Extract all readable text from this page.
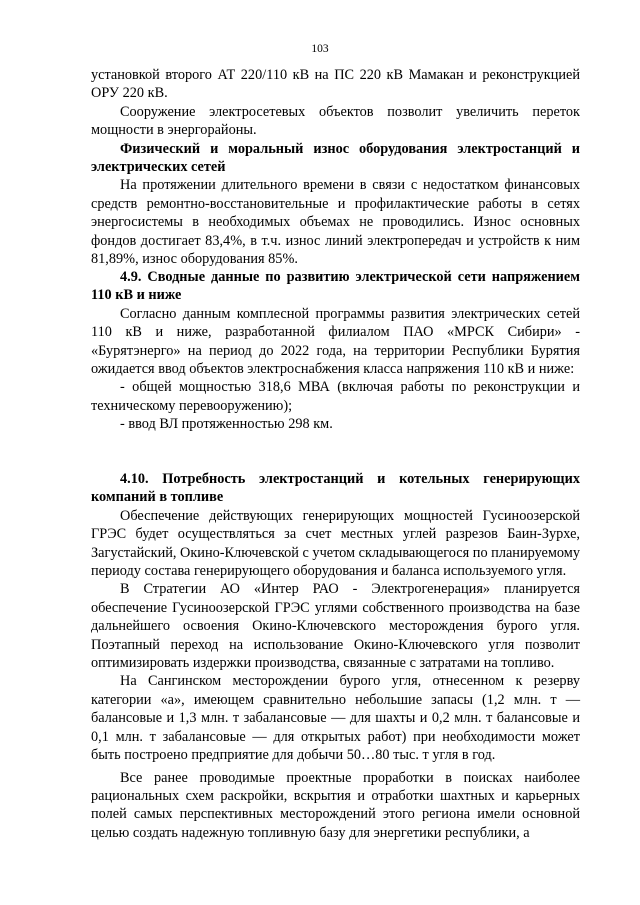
103

установкой второго АТ 220/110 кВ на ПС 220 кВ Мамакан и реконструкцией ОРУ 220 кВ.

Сооружение электросетевых объектов позволит увеличить переток мощности в энергорайоны.

Физический и моральный износ оборудования электростанций и электрических сетей

На протяжении длительного времени в связи с недостатком финансовых средств ремонтно-восстановительные и профилактические работы в сетях энергосистемы в необходимых объемах не проводились. Износ основных фондов достигает 83,4%, в т.ч. износ линий электропередач и устройств к ним 81,89%, износ оборудования 85%.

4.9. Сводные данные по развитию электрической сети напряжением 110 кВ и ниже

Согласно данным комплесной программы развития электрических сетей 110 кВ и ниже, разработанной филиалом ПАО «МРСК Сибири» - «Бурятэнерго» на период до 2022 года, на территории Республики Бурятия ожидается ввод объектов электроснабжения класса напряжения 110 кВ и ниже:

- общей мощностью 318,6 МВА (включая работы по реконструкции и техническому перевооружению);

- ввод ВЛ протяженностью 298 км.

4.10. Потребность электростанций и котельных генерирующих компаний в топливе

Обеспечение действующих генерирующих мощностей Гусиноозерской ГРЭС будет осуществляться за счет местных углей разрезов Баин-Зурхе, Загустайский, Окино-Ключевской с учетом складывающегося по планируемому периоду состава генерирующего оборудования и баланса используемого угля.

В Стратегии АО «Интер РАО - Электрогенерация» планируется обеспечение Гусиноозерской ГРЭС углями собственного производства на базе дальнейшего освоения Окино-Ключевского месторождения бурого угля. Поэтапный переход на использование Окино-Ключевского угля позволит оптимизировать издержки производства, связанные с затратами на топливо.

На Сангинском месторождении бурого угля, отнесенном к резерву категории «а», имеющем сравнительно небольшие запасы (1,2 млн. т — балансовые и 1,3 млн. т забалансовые — для шахты и 0,2 млн. т балансовые и 0,1 млн. т забалансовые — для открытых работ) при необходимости может быть построено предприятие для добычи 50…80 тыс. т угля в год.

Все ранее проводимые проектные проработки в поисках наиболее рациональных схем раскройки, вскрытия и отработки шахтных и карьерных полей самых перспективных месторождений этого региона имели основной целью создать надежную топливную базу для энергетики республики, а
